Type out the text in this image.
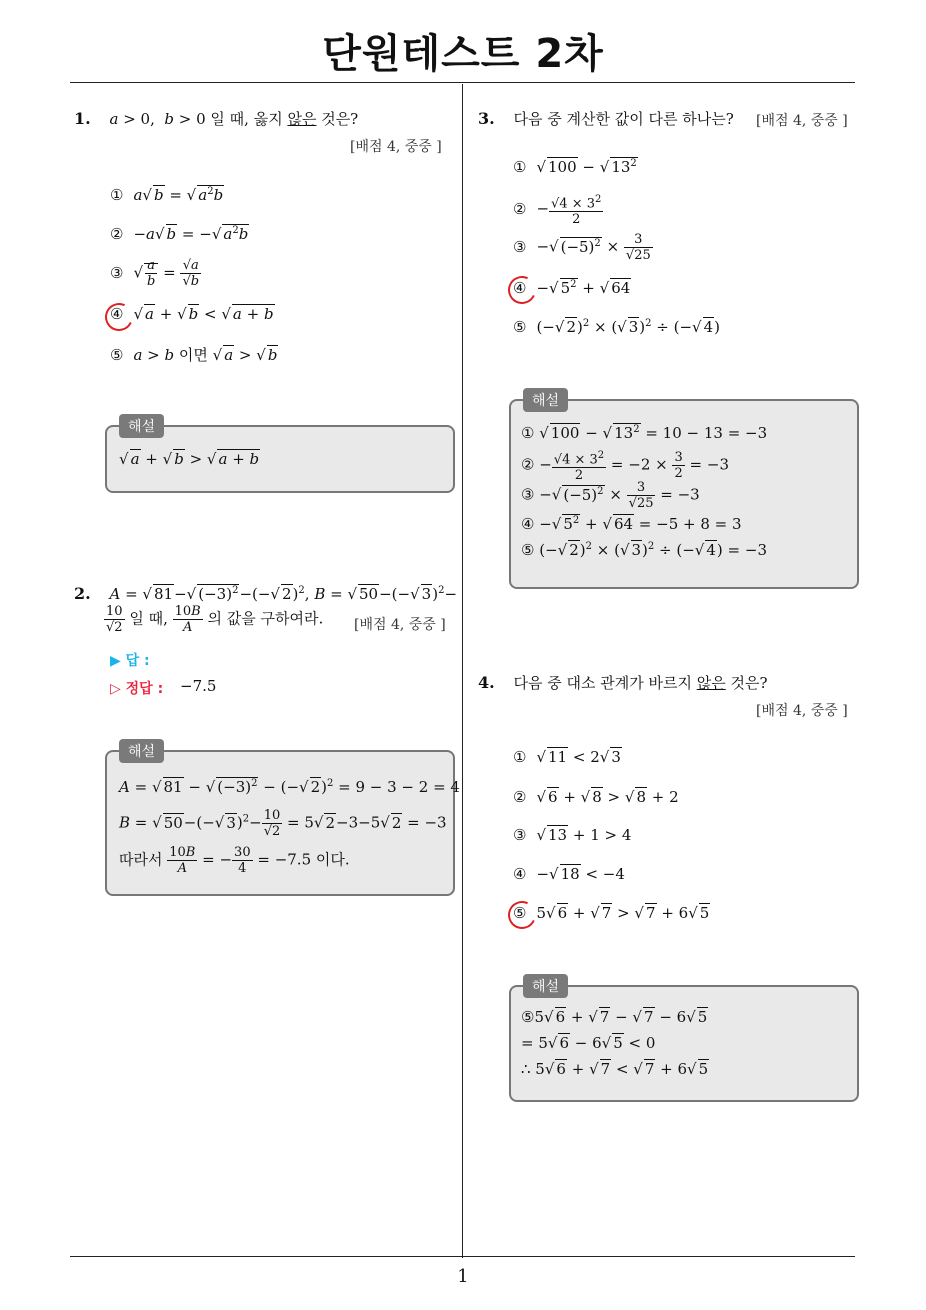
단원테스트 2차
1
1. a > 0,  b > 0 일 때, 옳지 않은 것은?
[배점 4, 중중 ]
① a√ b = √ $a^2b$
② −a√ b = −√ $a^2b$
③ √ $\frac{a}{b} = \frac{√a}{√b}$
④ √ a + √ b < √ a + b
⑤ a > b 이면 √ a > √ b
해설
√ a + √ b > √ a + b
2. A = √ 81−√ $(-3)^2-(-√$ 2)$^2$, B = √ 50−(−√ 3)$^2$−
$\frac{10}{√2}$ 일 때, $\frac{10B}{A}$ 의 값을 구하여라.	[배점 4, 중중 ]
▶ 답 :
▷ 정답 : −7.5
해설
A = √ 81 − √ $(-3)^2$ − (−√ 2)$^2$ = 9 − 3 − 2 = 4
B = √ 50−(−√ $3)^2- \frac{10}{√2} = 5√$ 2−3−5√ 2 = −3
따라서 $\frac{10B}{A}$ = − $\frac{30}{4} = -7.5$ 이다.
3. 다음 중 계산한 값이 다른 하나는?	[배점 4, 중중 ]
① √ 100 − √ $13^2$
② − $\frac{√4 \times 3^2}{2}$
③ −√ $(-5)^2 \times \frac{3}{√25}$
④ −√ $5^2$ + √ 64
⑤ (−√ 2)$^2$ × (√ 3)$^2$ ÷ (−√ 4)
해설
① √ 100 − √ $13^2 = 10 - 13 = -3$
② − $\frac{√4 \times 3^2}{2} = -2 \times \frac{3}{2} = -3$
③ −√ $(-5)^2 \times \frac{3}{√25} = -3$
④ −√ $5^2$ + √ 64 = −5 + 8 = 3
⑤ (−√ 2)$^2$ × (√ 3)$^2$ ÷ (−√ 4) = −3
4. 다음 중 대소 관계가 바르지 않은 것은?
[배점 4, 중중 ]
① √ 11 < 2√ 3
② √ 6 + √ 8 > √ 8 + 2
③ √ 13 + 1 > 4
④ −√ 18 < −4
⑤ 5√ 6 + √ 7 > √ 7 + 6√ 5
해설
⑤5√ 6 + √ 7 − √ 7 − 6√ 5
= 5√ 6 − 6√ 5 < 0
∴ 5√ 6 + √ 7 < √ 7 + 6√ 5
